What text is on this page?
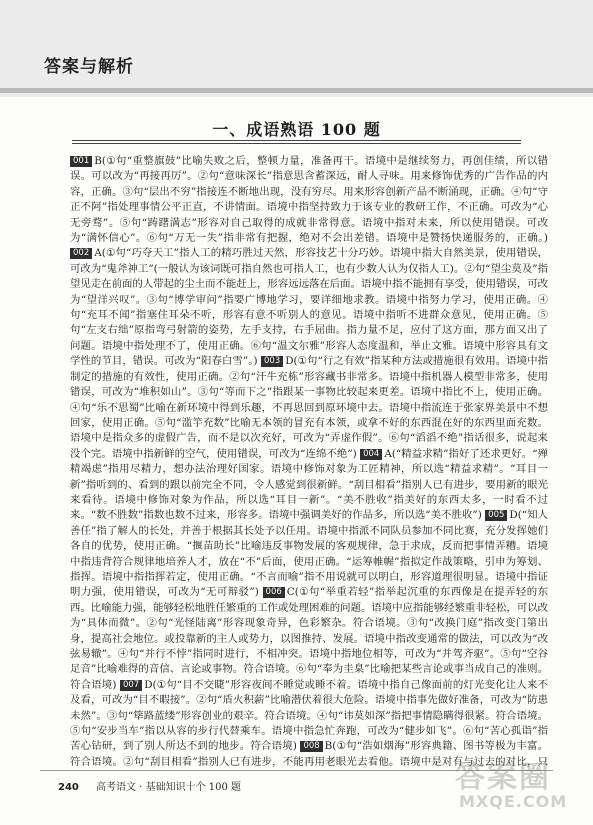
答案与解析
一、成语熟语 100 题
001 B(①句“重整旗鼓”比喻失败之后，整顿力量，准备再干。语境中是继续努力，再创佳绩，所以错误。可以改为“再接再厉”。②句“意味深长”指意思含蓄深远，耐人寻味。用来修饰优秀的广告作品的内容，正确。③句“层出不穷”指接连不断地出现，没有穷尽。用来形容创新产品不断涌现，正确。④句“守正不阿”指处理事情公平正直，不讲情面。语境中指坚持致力于该专业的教研工作，不正确。可改为“心无旁骛”。⑤句“踌躇满志”形容对自己取得的成就非常得意。语境中指对未来，所以使用错误。可改为“满怀信心”。⑥句“万无一失”指非常有把握，绝对不会出差错。语境中是赞扬快递服务的，正确。) 002 A(①句“巧夺天工”指人工的精巧胜过天然，形容技艺十分巧妙。语境中指大自然美景，使用错误，可改为“鬼斧神工”(一般认为该词既可指自然也可指人工，也有少数人认为仅指人工)。②句“望尘莫及”指望见走在前面的人带起的尘土而不能赶上，形容远远落在后面。语境中指不能拥有享受，使用错误，可改为“望洋兴叹”。③句“博学审问”指要广博地学习，要详细地求教。语境中指努力学习，使用正确。④句“充耳不闻”指塞住耳朵不听，形容有意不听别人的意见。语境中指听不进群众意见，使用正确。⑤句“左支右绌”原指弯弓射箭的姿势，左手支持，右手屈曲。指力量不足，应付了这方面，那方面又出了问题。语境中指处理不了，使用正确。⑥句“温文尔雅”形容人态度温和，举止文雅。语境中形容具有文学性的节目，错误。可改为“阳春白雪”。) 003 D(①句“行之有效”指某种方法或措施很有效用。语境中指制定的措施的有效性，使用正确。②句“汗牛充栋”形容藏书非常多。语境中指机器人模型非常多，使用错误，可改为“堆积如山”。③句“等而下之”指跟某一事物比较起来更差。语境中指比不上，使用正确。④句“乐不思蜀”比喻在新环境中得到乐趣，不再思回到原环境中去。语境中指流连于张家界美景中不想回家，使用正确。⑤句“滥竽充数”比喻无本领的冒充有本领，或拿不好的东西混在好的东西里面充数。语境中是指众多的虚假广告，而不是以次充好，可改为“弄虚作假”。⑥句“滔滔不绝”指话很多，说起来没个完。语境中指新鲜的空气，使用错误，可改为“连绵不绝”) 004 A(“精益求精”指好了还求更好。“殚精竭虑”指用尽精力，想办法治理好国家。语境中修饰对象为工匠精神，所以选“精益求精”。“耳目一新”指听到的、看到的跟以前完全不同，令人感觉到很新鲜。“刮目相看”指别人已有进步，要用新的眼光来看待。语境中修饰对象为作品，所以选“耳目一新”。“美不胜收”指美好的东西太多，一时看不过来。“数不胜数”指数也数不过来，形容多。语境中强调美好的作品多，所以选“美不胜收”) 005 D(“知人善任”指了解人的长处，并善于根据其长处予以任用。语境中指派不同队员参加不同比赛，充分发挥她们各自的优势，使用正确。“揠苗助长”比喻违反事物发展的客观规律，急于求成，反而把事情弄糟。语境中指违背符合规律地培养人才，放在“不”后面，使用正确。“运筹帷幄”指拟定作战策略，引申为筹划、指挥。语境中指指挥若定，使用正确。“不言而喻”指不用说就可以明白，形容道理很明显。语境中指证明力强，使用错误，可改为“无可辩驳”) 006 C(①句“举重若轻”指举起沉重的东西像是在提弄轻的东西。比喻能力强，能够轻松地胜任繁重的工作或处理困难的问题。语境中应指能够经繁重非轻松，可以改为“具体而微”。②句“光怪陆离”形容现象奇异，色彩繁杂。符合语境。③句“改换门庭”指改变门第出身，提高社会地位。或投靠新的主人或势力，以图推持、发展。语境中指改变通常的做法，可以改为“改弦易辙”。④句“并行不悖”指同时进行，不相冲突。语境中指地位相等，可改为“并驾齐驱”。⑤句“空谷足音”比喻难得的音信、言论或事物。符合语境。⑥句“奉为圭臬”比喻把某些言论或事当成自己的准则。符合语境) 007 D(①句“目不交睫”形容夜间不睡觉或睡不着。语境中指自己像面前的灯光变化让人来不及看，可改为“目不暇接”。②句“盾火积薪”比喻潜伏着很大危险。语境中指事先做好准备，可改为“防患未然”。③句“筚路蓝缕”形容创业的艰辛。符合语境。④句“讳莫如深”指把事情隐瞒得很紧。符合语境。⑤句“安步当车”指以从容的步行代替乘车。语境中指急忙奔跑，可改为“健步如飞”。⑥句“苦心孤诣”指苦心钻研，到了别人所达不到的地步。符合语境) 008 B(①句“浩如烟海”形容典籍、图书等极为丰富。符合语境。②句“刮目相看”指别人已有进步，不能再用老眼光去看他。语境中是对有与过去的对比，只
240 高考语文 · 基础知识十个 100 题	答案圈
MXQE.COM
